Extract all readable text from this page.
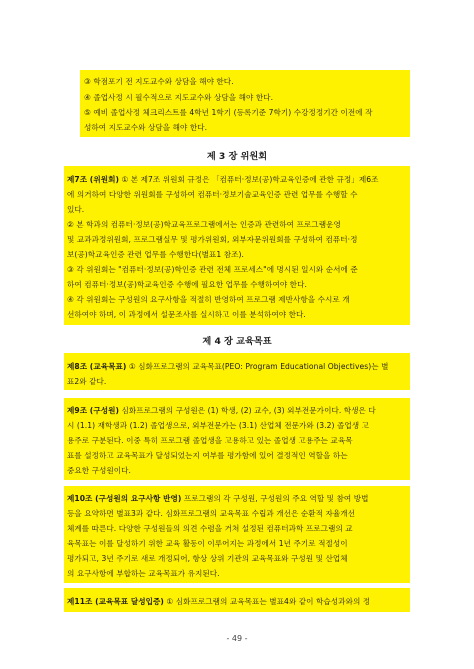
③ 학점포기 전 지도교수와 상담을 해야 한다.
④ 졸업사정 시 필수적으로 지도교수와 상담을 해야 한다.
⑤ 예비 졸업사정 체크리스트를 4학년 1학기 (등록기준 7학기) 수강정정기간 이전에 작
성하여 지도교수와 상담을 해야 한다.
제7조 (위원회) ① 본 제7조 위원회 규정은 「컴퓨터·정보(공)학교육인증에 관한 규정」제6조
에 의거하여 다양한 위원회를 구성하여 컴퓨터·정보기술교육인증 관련 업무를 수행할 수
있다.
② 본 학과의 컴퓨터·정보(공)학교육프로그램에서는 인증과 관련하여 프로그램운영
및 교과과정위원회, 프로그램실무 및 평가위원회, 외부자문위원회를 구성하여 컴퓨터·정
보(공)학교육인증 관련 업무를 수행한다(별표1 참조).
③ 각 위원회는 "컴퓨터·정보(공)학인증 관련 전체 프로세스"에 명시된 일시와 순서에 준
하여 컴퓨터·정보(공)학교육인증 수행에 필요한 업무를 수행하여야 한다.
④ 각 위원회는 구성원의 요구사항을 적절히 반영하여 프로그램 제반사항을 수시로 개
선하여야 하며, 이 과정에서 설문조사를 실시하고 이를 분석하여야 한다.
제8조 (교육목표) ① 심화프로그램의 교육목표(PEO: Program Educational Objectives)는 별
표2와 같다.
제9조 (구성원) 심화프로그램의 구성원은 (1) 학생, (2) 교수, (3) 외부전문가이다. 학생은 다
시 (1.1) 재학생과 (1.2) 졸업생으로, 외부전문가는 (3.1) 산업체 전문가와 (3.2) 졸업생 고
용주로 구분된다. 이중 특히 프로그램 졸업생을 고용하고 있는 졸업생 고용주는 교육목
표를 설정하고 교육목표가 달성되었는지 여부를 평가함에 있어 결정적인 역할을 하는
중요한 구성원이다.
제10조 (구성원의 요구사항 반영) 프로그램의 각 구성원, 구성원의 주요 역할 및 참여 방법
등을 요약하면 별표3과 같다. 심화프로그램의 교육목표 수립과 개선은 순환적 자율개선
체계를 따른다. 다양한 구성원들의 의견 수렴을 거쳐 설정된 컴퓨터과학 프로그램의 교
육목표는 이를 달성하기 위한 교육 활동이 이루어지는 과정에서 1년 주기로 적절성이
평가되고, 3년 주기로 새로 개정되어, 항상 상위 기관의 교육목표와 구성원 및 산업체
의 요구사항에 부합하는 교육목표가 유지된다.
제11조 (교육목표 달성입증) ① 심화프로그램의 교육목표는 별표4와 같이 학습성과와의 정
제 3 장 위원회
제 4 장 교육목표
- 49 -
